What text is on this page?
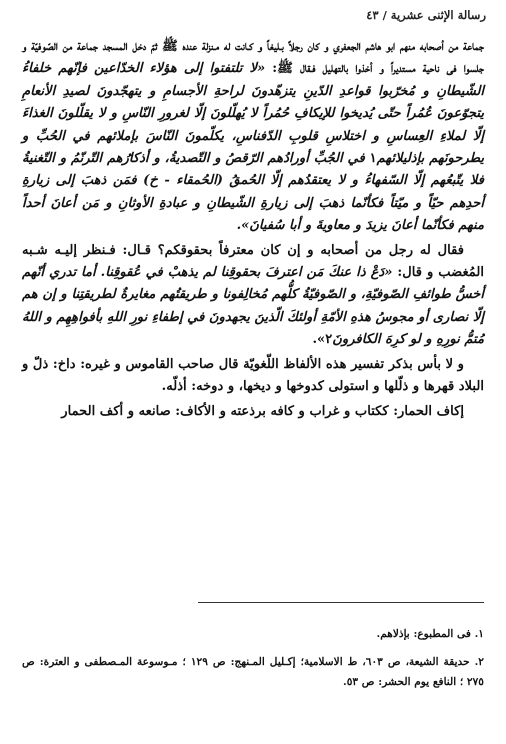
رسالة الإثنى عشرية / ٤٣

جماعة من أصحابه منهم ابو هاشم الجعفري و كان رجلاً بـليغاً و كـانت له مـنزلة عنده ﷺ ثمّ دخل المسجد جماعة من الصّوفيّة و جلسوا فى ناحية مستديراً و أخذوا بالتهليل فـقال ﷺ: «لا تلتفتوا إلى هؤلاء الخدّاعين فإنّهم خلفاءُ الشّيطانِ و مُخرّبوا قواعدِ الدّينِ يتزهّدونَ لراحةِ الأجسامِ و يتهجّدونَ لصيدِ الأنعامِ يتجوّعونَ عُمُراً حتّى يُديخوا للإيكافِ حُمُراً لا يُهلّلونَ إلّا لغرورِ النّاسِ و لا يقلّلونَ الغذاءَ إلّا لملاءِ العِساسِ و اختلاسِ قلوبِ الدّفناسِ، يكلّمونَ النّاسَ بإملائهم في الحُبِّ و يطرحونَهم بإذليلائهم١ في الجُبِّ أورادُهم الرّقصُ و التّصديةُ، و أذكارُهم التّرنّمُ و التّغنيةُ فلا يتّبعُهم إلّا السّفهاءُ و لا يعتقدُهم إلّا الحُمقُ (الحُمقاء - خ) فمَن ذهبَ إلى زيارةِ أحدِهم حيّاً و ميّتاً فكأنّما ذهبَ إلى زيارةِ الشّيطانِ و عبادةِ الأوثانِ و مَن أعانَ أحداً منهم فكأنّما أعانَ يزيدَ و معاويةَ و أبا سُفيانَ».

فقال له رجل من أصحابه و إن كان معترفاً بحقوقكم؟ قـال: فـنظر إليـه شـبه المُغضب و قال: «دَعْ ذا عنكَ مَن اعترفَ بحقوقِنا لم يذهبْ في عُقوقِنا. أما تدري أنّهم أخسُّ طوائفِ الصّوفيّةِ، و الصّوفيّةُ كلُّهم مُخالِفونا و طريقتُهم مغايرةٌ لطريقتِنا و إن هم إلّا نصارى أو مجوسُ هذهِ الأمّةِ أولئكَ الّذينَ يجهدونَ في إطفاءِ نورِ اللهِ بأفواهِهِم و اللهُ مُتمُّ نورِهِ و لو كرِهَ الكافرونَ٢».

و لا بأس بذكر تفسير هذه الألفاظ اللّغويّة قال صاحب القاموس و غيره: داخ: ذلّ و البلاد قهرها و ذلّلها و استولى كدوخها و ديخها، و دوخه: أذلّه.

إكاف الحمار: ككتاب و غراب و كافه برذعته و الأكاف: صانعه و أكف الحمار

١. فى المطبوع: بإذلاهم.

٢. حديقة الشيعة، ص ٦٠٣، ط الاسلامية؛ إكـليل المـنهج: ص ١٢٩ ؛ مـوسوعة المـصطفى و العترة: ص ٢٧٥ ؛ النافع يوم الحشر: ص ٥٣.
